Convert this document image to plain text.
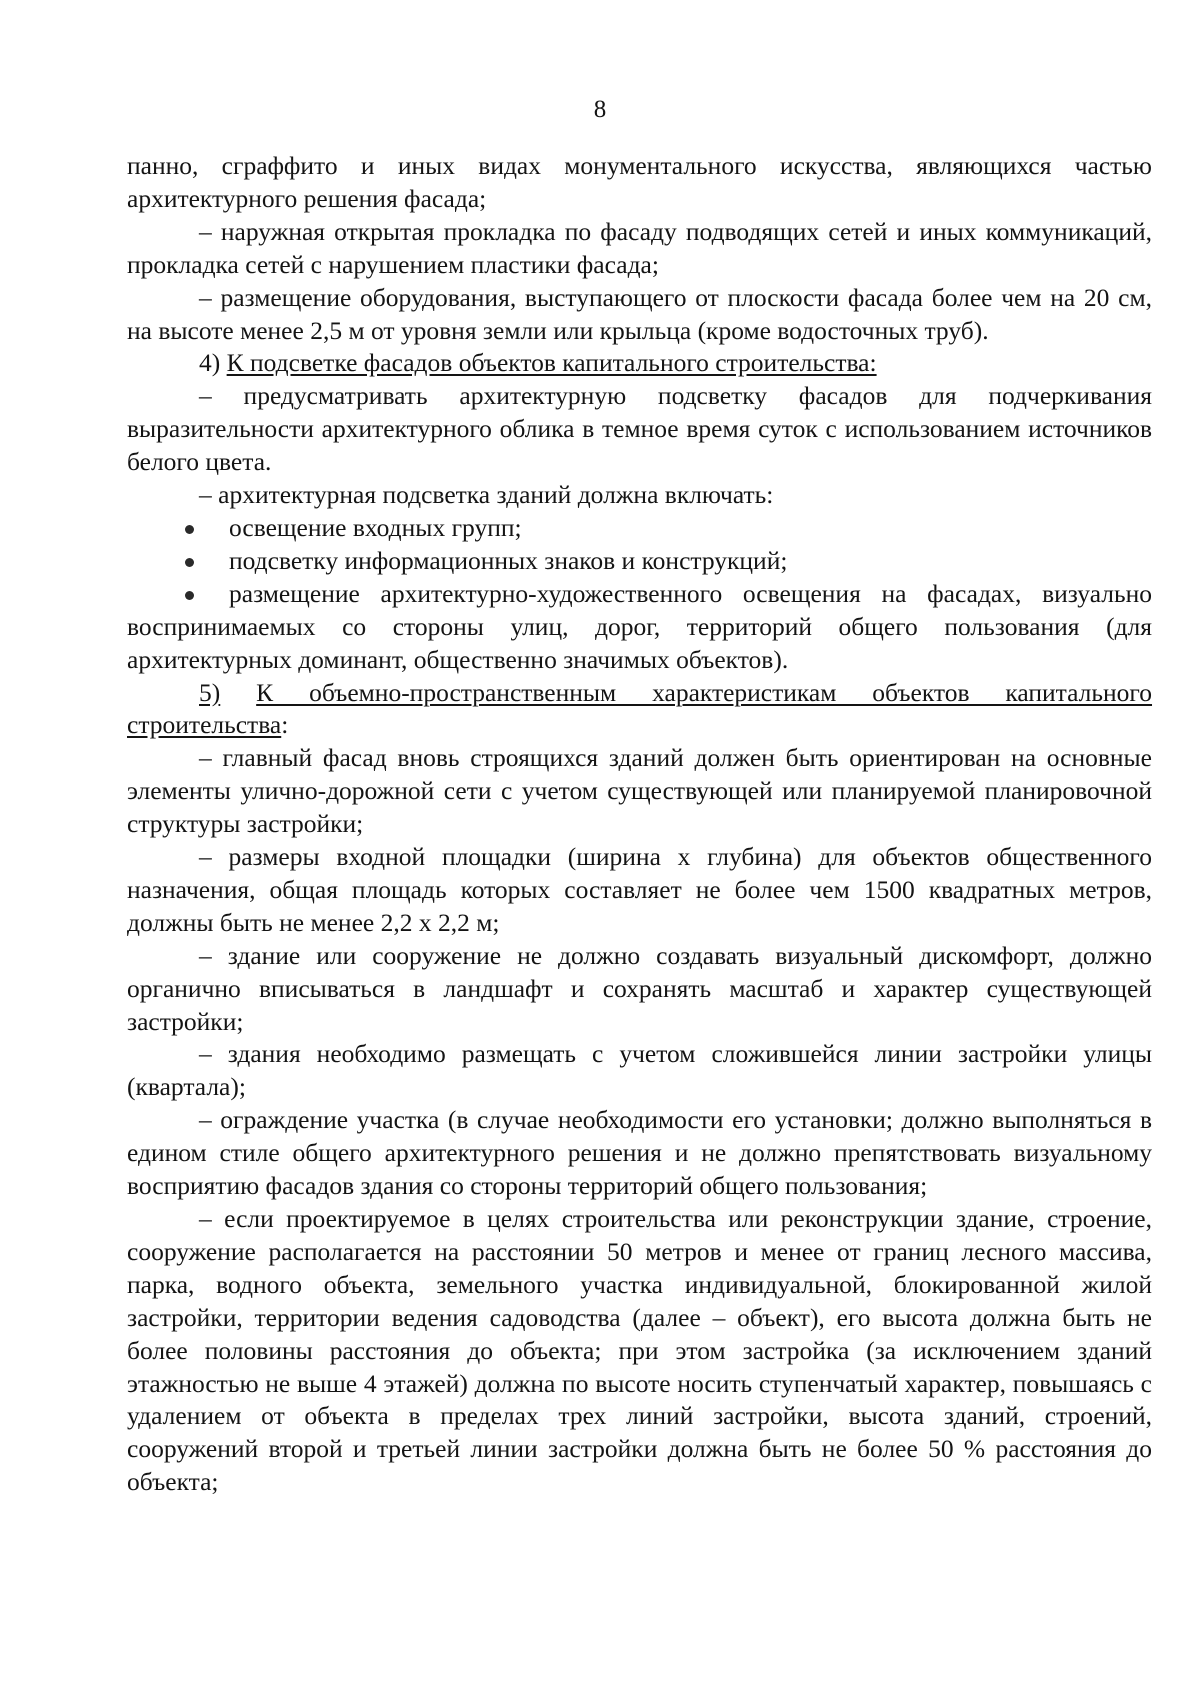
8

панно, сграффито и иных видах монументального искусства, являющихся частью архитектурного решения фасада;

– наружная открытая прокладка по фасаду подводящих сетей и иных коммуникаций, прокладка сетей с нарушением пластики фасада;

– размещение оборудования, выступающего от плоскости фасада более чем на 20 см, на высоте менее 2,5 м от уровня земли или крыльца (кроме водосточных труб).

4) К подсветке фасадов объектов капитального строительства:

– предусматривать архитектурную подсветку фасадов для подчеркивания выразительности архитектурного облика в темное время суток с использованием источников белого цвета.

– архитектурная подсветка зданий должна включать:

освещение входных групп;

подсветку информационных знаков и конструкций;

размещение архитектурно-художественного освещения на фасадах, визуально воспринимаемых со стороны улиц, дорог, территорий общего пользования (для архитектурных доминант, общественно значимых объектов).

5) К объемно-пространственным характеристикам объектов капитального строительства:

– главный фасад вновь строящихся зданий должен быть ориентирован на основные элементы улично-дорожной сети с учетом существующей или планируемой планировочной структуры застройки;

– размеры входной площадки (ширина х глубина) для объектов общественного назначения, общая площадь которых составляет не более чем 1500 квадратных метров, должны быть не менее 2,2 х 2,2 м;

– здание или сооружение не должно создавать визуальный дискомфорт, должно органично вписываться в ландшафт и сохранять масштаб и характер существующей застройки;

– здания необходимо размещать с учетом сложившейся линии застройки улицы (квартала);

– ограждение участка (в случае необходимости его установки; должно выполняться в едином стиле общего архитектурного решения и не должно препятствовать визуальному восприятию фасадов здания со стороны территорий общего пользования;

– если проектируемое в целях строительства или реконструкции здание, строение, сооружение располагается на расстоянии 50 метров и менее от границ лесного массива, парка, водного объекта, земельного участка индивидуальной, блокированной жилой застройки, территории ведения садоводства (далее – объект), его высота должна быть не более половины расстояния до объекта; при этом застройка (за исключением зданий этажностью не выше 4 этажей) должна по высоте носить ступенчатый характер, повышаясь с удалением от объекта в пределах трех линий застройки, высота зданий, строений, сооружений второй и третьей линии застройки должна быть не более 50 % расстояния до объекта;
